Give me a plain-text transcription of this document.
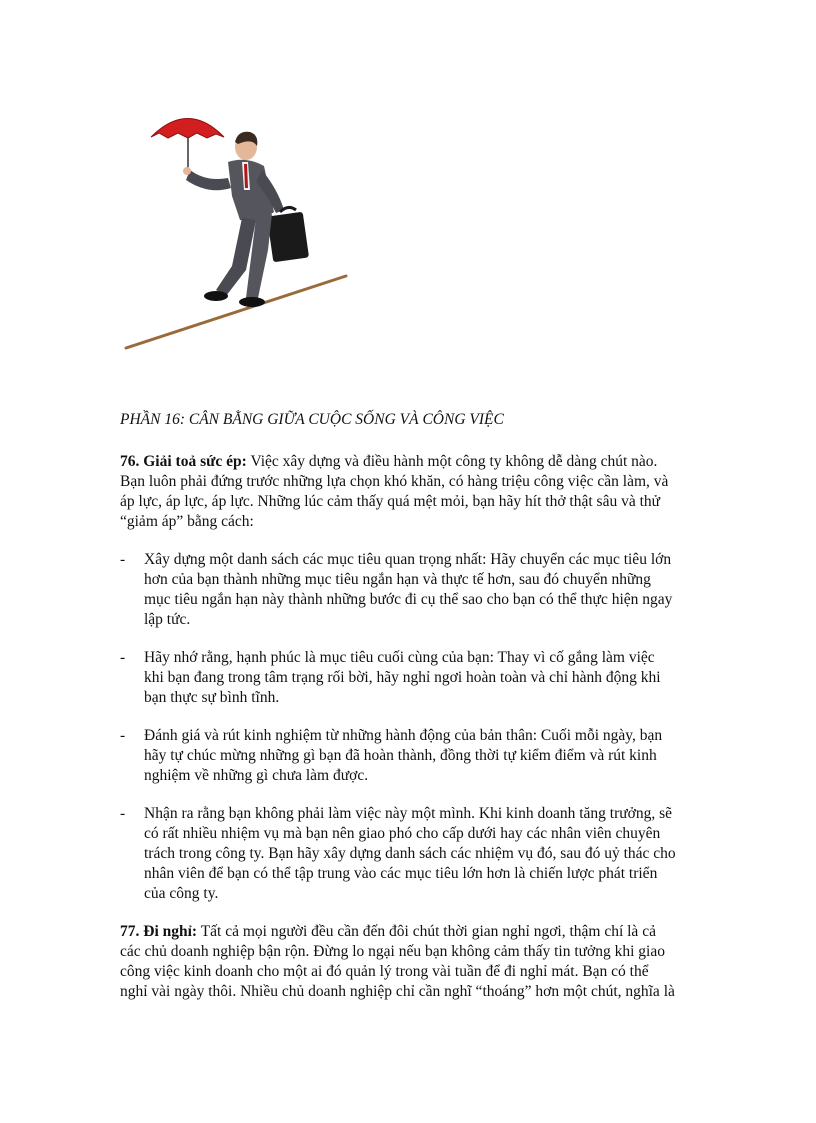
PHẦN 16: CÂN BẰNG GIỮA CUỘC SỐNG VÀ CÔNG VIỆC

76. Giải toả sức ép: Việc xây dựng và điều hành một công ty không dễ dàng chút nào.
Bạn luôn phải đứng trước những lựa chọn khó khăn, có hàng triệu công việc cần làm, và
áp lực, áp lực, áp lực. Những lúc cảm thấy quá mệt mỏi, bạn hãy hít thở thật sâu và thử
“giảm áp” bằng cách:

- Xây dựng một danh sách các mục tiêu quan trọng nhất: Hãy chuyển các mục tiêu lớn
hơn của bạn thành những mục tiêu ngắn hạn và thực tế hơn, sau đó chuyển những
mục tiêu ngắn hạn này thành những bước đi cụ thể sao cho bạn có thể thực hiện ngay
lập tức.
- Hãy nhớ rằng, hạnh phúc là mục tiêu cuối cùng của bạn: Thay vì cố gắng làm việc
khi bạn đang trong tâm trạng rối bời, hãy nghỉ ngơi hoàn toàn và chỉ hành động khi
bạn thực sự bình tĩnh.
- Đánh giá và rút kinh nghiệm từ những hành động của bản thân: Cuối mỗi ngày, bạn
hãy tự chúc mừng những gì bạn đã hoàn thành, đồng thời tự kiểm điểm và rút kinh
nghiệm về những gì chưa làm được.
- Nhận ra rằng bạn không phải làm việc này một mình. Khi kinh doanh tăng trưởng, sẽ
có rất nhiều nhiệm vụ mà bạn nên giao phó cho cấp dưới hay các nhân viên chuyên
trách trong công ty. Bạn hãy xây dựng danh sách các nhiệm vụ đó, sau đó uỷ thác cho
nhân viên để bạn có thể tập trung vào các mục tiêu lớn hơn là chiến lược phát triển
của công ty.

77. Đi nghỉ: Tất cả mọi người đều cần đến đôi chút thời gian nghỉ ngơi, thậm chí là cả
các chủ doanh nghiệp bận rộn. Đừng lo ngại nếu bạn không cảm thấy tin tưởng khi giao
công việc kinh doanh cho một ai đó quản lý trong vài tuần để đi nghỉ mát. Bạn có thể
nghỉ vài ngày thôi. Nhiều chủ doanh nghiệp chỉ cần nghĩ “thoáng” hơn một chút, nghĩa là
